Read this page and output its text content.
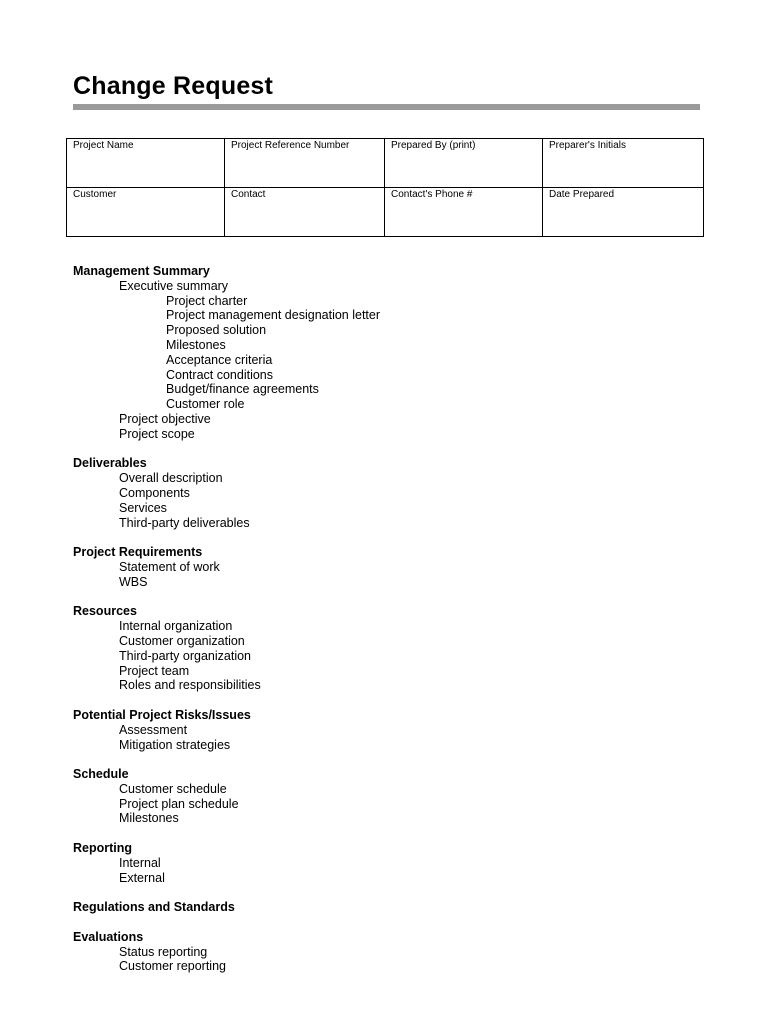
Change Request
Project Name	Project Reference Number	Prepared By (print)	Preparer's Initials
Customer	Contact	Contact's Phone #	Date Prepared
Management Summary
Executive summary
Project charter
Project management designation letter
Proposed solution
Milestones
Acceptance criteria
Contract conditions
Budget/finance agreements
Customer role
Project objective
Project scope
Deliverables
Overall description
Components
Services
Third-party deliverables
Project Requirements
Statement of work
WBS
Resources
Internal organization
Customer organization
Third-party organization
Project team
Roles and responsibilities
Potential Project Risks/Issues
Assessment
Mitigation strategies
Schedule
Customer schedule
Project plan schedule
Milestones
Reporting
Internal
External
Regulations and Standards
Evaluations
Status reporting
Customer reporting
